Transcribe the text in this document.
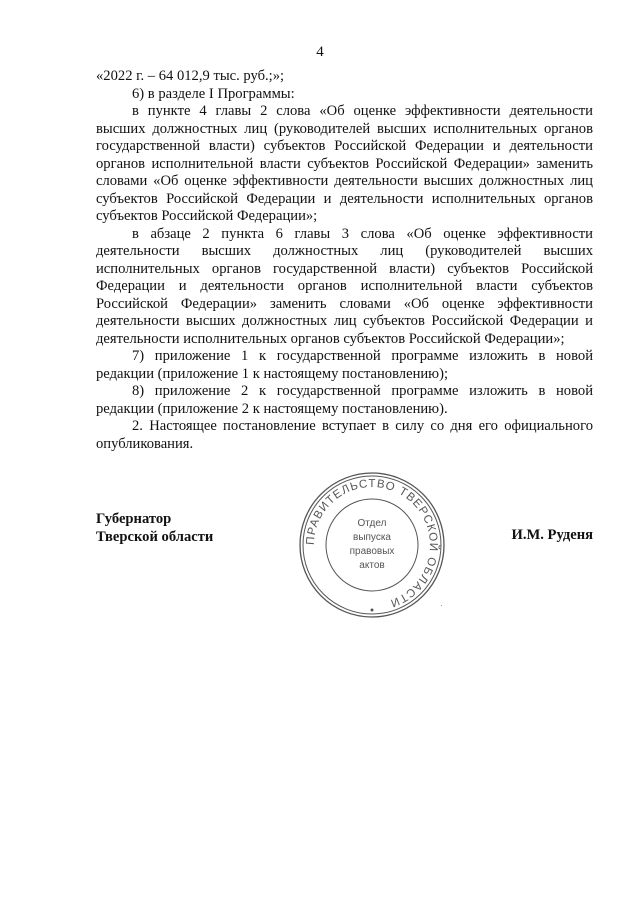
4

«2022 г. – 64 012,9 тыс. руб.;»;

6) в разделе I Программы:

в пункте 4 главы 2 слова «Об оценке эффективности деятельности высших должностных лиц (руководителей высших исполнительных органов государственной власти) субъектов Российской Федерации и деятельности органов исполнительной власти субъектов Российской Федерации» заменить словами «Об оценке эффективности деятельности высших должностных лиц субъектов Российской Федерации и деятельности исполнительных органов субъектов Российской Федерации»;

в абзаце 2 пункта 6 главы 3 слова «Об оценке эффективности деятельности высших должностных лиц (руководителей высших исполнительных органов государственной власти) субъектов Российской Федерации и деятельности органов исполнительной власти субъектов Российской Федерации» заменить словами «Об оценке эффективности деятельности высших должностных лиц субъектов Российской Федерации и деятельности исполнительных органов субъектов Российской Федерации»;

7) приложение 1 к государственной программе изложить в новой редакции (приложение 1 к настоящему постановлению);

8) приложение 2 к государственной программе изложить в новой редакции (приложение 2 к настоящему постановлению).

2. Настоящее постановление вступает в силу со дня его официального опубликования.

Губернатор
Тверской области	ПРАВИТЕЛЬСТВО ТВЕРСКОЙ ОБЛАСТИ
Отдел
выпуска
правовых
актов
И.М. Руденя
